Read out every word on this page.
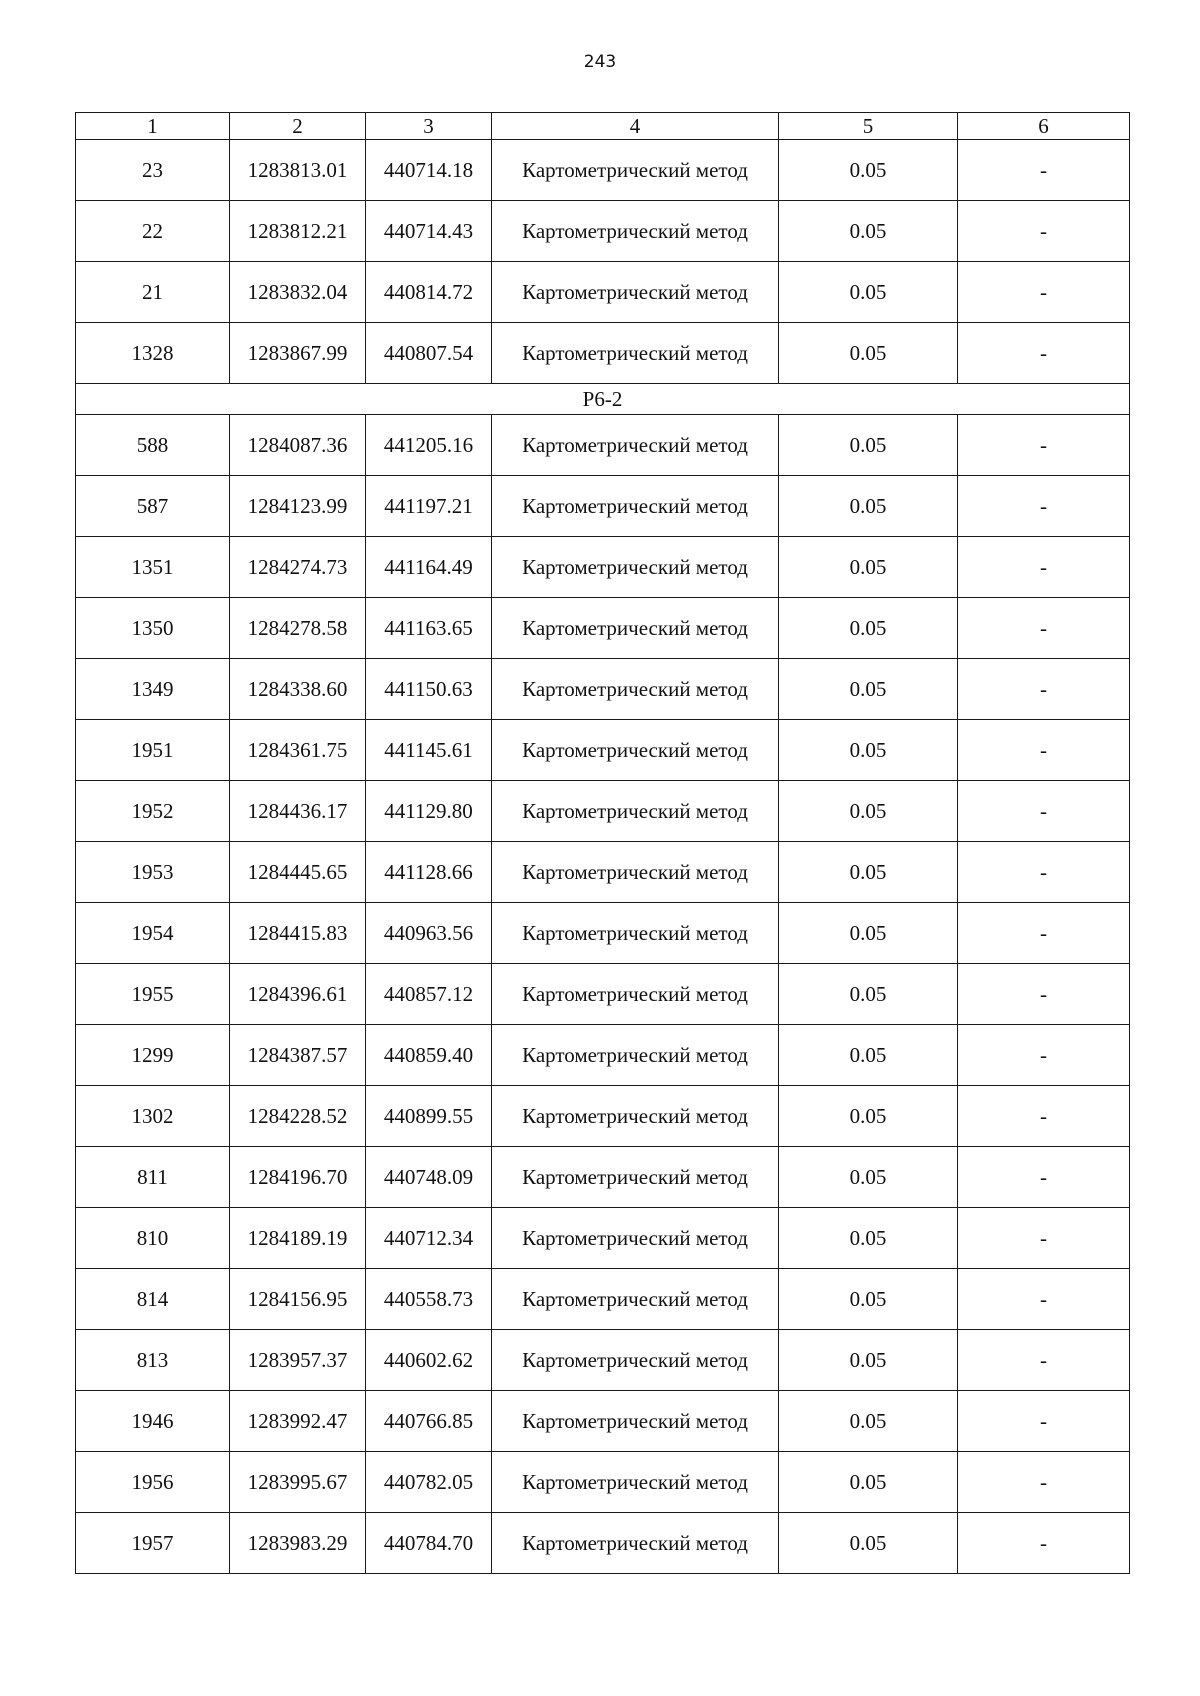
243
1	2	3	4	5	6
23	1283813.01	440714.18	Картометрический метод	0.05	-
22	1283812.21	440714.43	Картометрический метод	0.05	-
21	1283832.04	440814.72	Картометрический метод	0.05	-
1328	1283867.99	440807.54	Картометрический метод	0.05	-
Р6-2					
588	1284087.36	441205.16	Картометрический метод	0.05	-
587	1284123.99	441197.21	Картометрический метод	0.05	-
1351	1284274.73	441164.49	Картометрический метод	0.05	-
1350	1284278.58	441163.65	Картометрический метод	0.05	-
1349	1284338.60	441150.63	Картометрический метод	0.05	-
1951	1284361.75	441145.61	Картометрический метод	0.05	-
1952	1284436.17	441129.80	Картометрический метод	0.05	-
1953	1284445.65	441128.66	Картометрический метод	0.05	-
1954	1284415.83	440963.56	Картометрический метод	0.05	-
1955	1284396.61	440857.12	Картометрический метод	0.05	-
1299	1284387.57	440859.40	Картометрический метод	0.05	-
1302	1284228.52	440899.55	Картометрический метод	0.05	-
811	1284196.70	440748.09	Картометрический метод	0.05	-
810	1284189.19	440712.34	Картометрический метод	0.05	-
814	1284156.95	440558.73	Картометрический метод	0.05	-
813	1283957.37	440602.62	Картометрический метод	0.05	-
1946	1283992.47	440766.85	Картометрический метод	0.05	-
1956	1283995.67	440782.05	Картометрический метод	0.05	-
1957	1283983.29	440784.70	Картометрический метод	0.05	-
